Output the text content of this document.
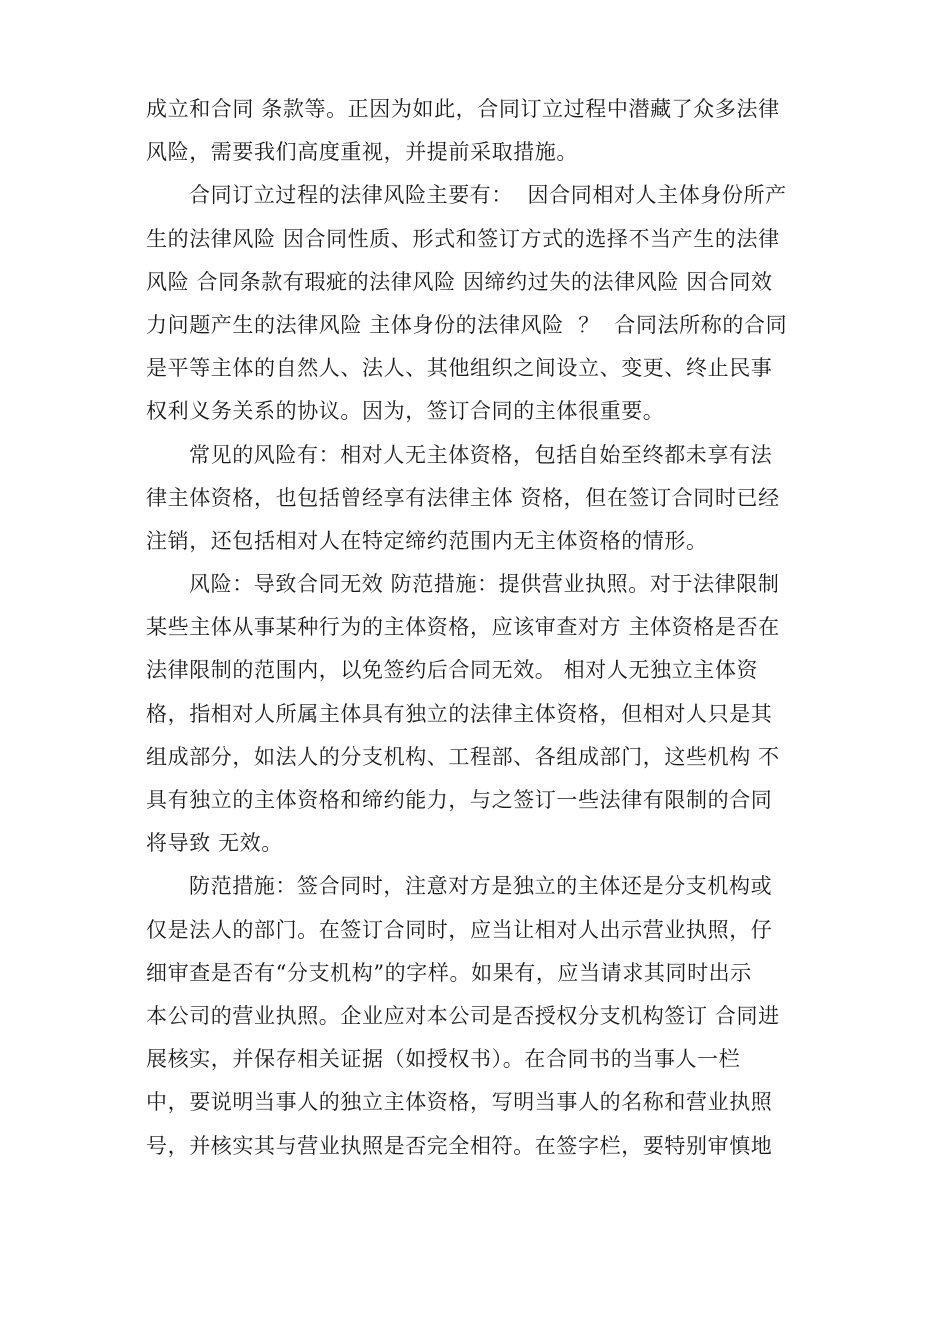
成立和合同 条款等。正因为如此，合同订立过程中潜藏了众多法律
风险，需要我们高度重视，并提前采取措施。
合同订立过程的法律风险主要有：  因合同相对人主体身份所产
生的法律风险 因合同性质、形式和签订方式的选择不当产生的法律
风险 合同条款有瑕疵的法律风险 因缔约过失的法律风险 因合同效
力问题产生的法律风险 主体身份的法律风险  ？  合同法所称的合同
是平等主体的自然人、法人、其他组织之间设立、变更、终止民事
权利义务关系的协议。因为，签订合同的主体很重要。
常见的风险有：相对人无主体资格，包括自始至终都未享有法
律主体资格，也包括曾经享有法律主体 资格，但在签订合同时已经
注销，还包括相对人在特定缔约范围内无主体资格的情形。
风险：导致合同无效 防范措施：提供营业执照。对于法律限制
某些主体从事某种行为的主体资格，应该审查对方 主体资格是否在
法律限制的范围内，以免签约后合同无效。 相对人无独立主体资
格，指相对人所属主体具有独立的法律主体资格，但相对人只是其
组成部分，如法人的分支机构、工程部、各组成部门，这些机构 不
具有独立的主体资格和缔约能力，与之签订一些法律有限制的合同
将导致 无效。
防范措施：签合同时，注意对方是独立的主体还是分支机构或
仅是法人的部门。在签订合同时，应当让相对人出示营业执照，仔
细审查是否有“分支机构”的字样。如果有，应当请求其同时出示
本公司的营业执照。企业应对本公司是否授权分支机构签订 合同进
展核实，并保存相关证据（如授权书）。在合同书的当事人一栏
中，要说明当事人的独立主体资格，写明当事人的名称和营业执照
号，并核实其与营业执照是否完全相符。在签字栏，要特别审慎地
